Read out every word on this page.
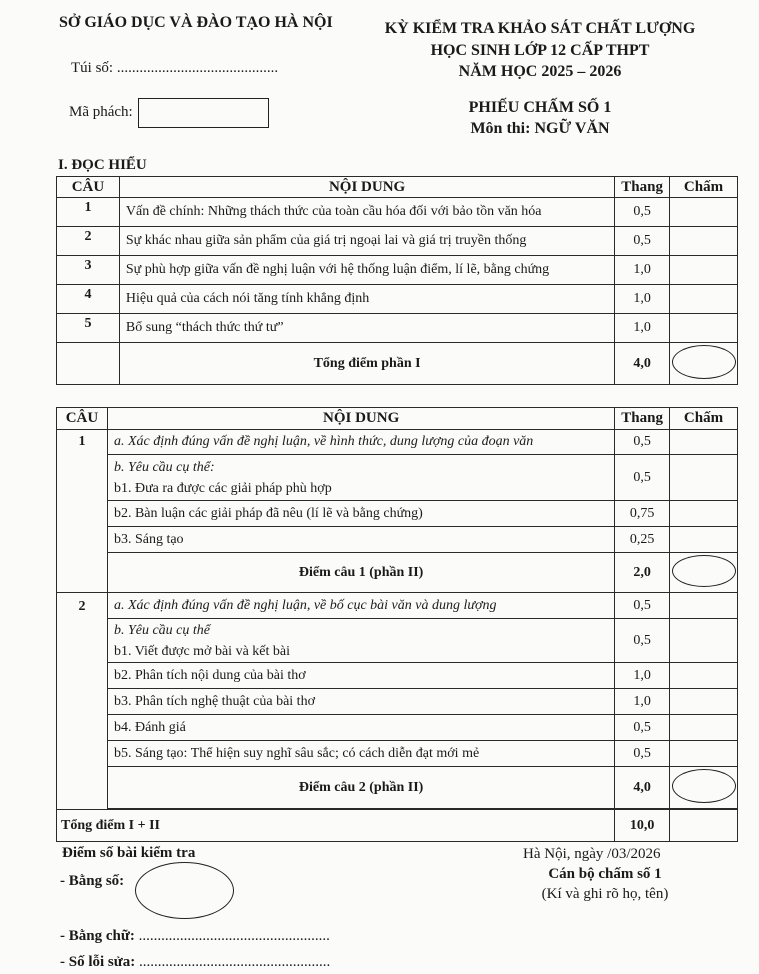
SỞ GIÁO DỤC VÀ ĐÀO TẠO HÀ NỘI	KỲ KIỂM TRA KHẢO SÁT CHẤT LƯỢNG
HỌC SINH LỚP 12 CẤP THPT
NĂM HỌC 2025 – 2026
Túi số: ...........................................
Mã phách:	PHIẾU CHẤM SỐ 1
Môn thi: NGỮ VĂN
I. ĐỌC HIỂU
CÂU	NỘI DUNG	Thang	Chấm
1	Vấn đề chính: Những thách thức của toàn cầu hóa đối với bảo tồn văn hóa	0,5	
2	Sự khác nhau giữa sản phẩm của giá trị ngoại lai và giá trị truyền thống	0,5	
3	Sự phù hợp giữa vấn đề nghị luận với hệ thống luận điểm, lí lẽ, bằng chứng	1,0	
4	Hiệu quả của cách nói tăng tính khẳng định	1,0	
5	Bổ sung “thách thức thứ tư”	1,0	
	Tổng điểm phần I	4,0	
CÂU	NỘI DUNG	Thang	Chấm
1	a. Xác định đúng vấn đề nghị luận, về hình thức, dung lượng của đoạn văn	0,5	

	b. Yêu cầu cụ thể:
b1. Đưa ra được các giải pháp phù hợp	0,5	
	b2. Bàn luận các giải pháp đã nêu (lí lẽ và bằng chứng)	0,75	
	b3. Sáng tạo	0,25	
	Điểm câu 1 (phần II)	2,0	
2	a. Xác định đúng vấn đề nghị luận, về bố cục bài văn và dung lượng	0,5	

	b. Yêu cầu cụ thể
b1. Viết được mở bài và kết bài	0,5	
	b2. Phân tích nội dung của bài thơ	1,0	
	b3. Phân tích nghệ thuật của bài thơ	1,0	
	b4. Đánh giá	0,5	
	b5. Sáng tạo: Thể hiện suy nghĩ sâu sắc; có cách diễn đạt mới mẻ	0,5	
	Điểm câu 2 (phần II)	4,0	

Tổng điểm I + II		10,0	
Điểm số bài kiểm tra
- Bằng số:
- Bằng chữ: ...................................................
- Số lỗi sửa: ...................................................
Hà Nội, ngày /03/2026
Cán bộ chấm số 1
(Kí và ghi rõ họ, tên)
